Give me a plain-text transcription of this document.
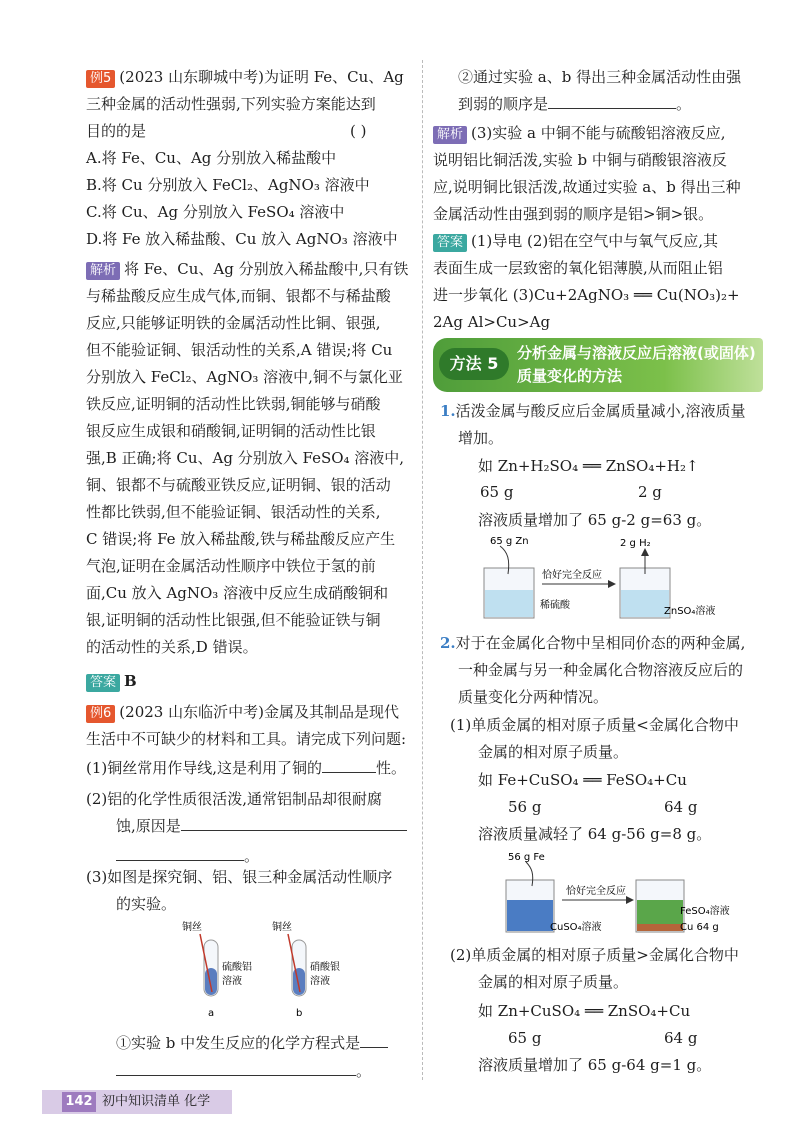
例5 (2023 山东聊城中考)为证明 Fe、Cu、Ag
三种金属的活动性强弱,下列实验方案能达到
目的的是	( )
A.将 Fe、Cu、Ag 分别放入稀盐酸中
B.将 Cu 分别放入 FeCl₂、AgNO₃ 溶液中
C.将 Cu、Ag 分别放入 FeSO₄ 溶液中
D.将 Fe 放入稀盐酸、Cu 放入 AgNO₃ 溶液中
解析 将 Fe、Cu、Ag 分别放入稀盐酸中,只有铁
与稀盐酸反应生成气体,而铜、银都不与稀盐酸
反应,只能够证明铁的金属活动性比铜、银强,
但不能验证铜、银活动性的关系,A 错误;将 Cu
分别放入 FeCl₂、AgNO₃ 溶液中,铜不与氯化亚
铁反应,证明铜的活动性比铁弱,铜能够与硝酸
银反应生成银和硝酸铜,证明铜的活动性比银
强,B 正确;将 Cu、Ag 分别放入 FeSO₄ 溶液中,
铜、银都不与硫酸亚铁反应,证明铜、银的活动
性都比铁弱,但不能验证铜、银活动性的关系,
C 错误;将 Fe 放入稀盐酸,铁与稀盐酸反应产生
气泡,证明在金属活动性顺序中铁位于氢的前
面,Cu 放入 AgNO₃ 溶液中反应生成硝酸铜和
银,证明铜的活动性比银强,但不能验证铁与铜
的活动性的关系,D 错误。
答案 B
例6 (2023 山东临沂中考)金属及其制品是现代
生活中不可缺少的材料和工具。请完成下列问题:
(1)铜丝常用作导线,这是利用了铜的	性。
(2)铝的化学性质很活泼,通常铝制品却很耐腐
蚀,原因是
。
(3)如图是探究铜、铝、银三种金属活动性顺序
的实验。
铜丝
硫酸铝
溶液
铜丝
硝酸银
溶液
a	b
①实验 b 中发生反应的化学方程式是
。
②通过实验 a、b 得出三种金属活动性由强
到弱的顺序是	。
解析 (3)实验 a 中铜不能与硫酸铝溶液反应,
说明铝比铜活泼,实验 b 中铜与硝酸银溶液反
应,说明铜比银活泼,故通过实验 a、b 得出三种
金属活动性由强到弱的顺序是铝>铜>银。
答案 (1)导电 (2)铝在空气中与氧气反应,其
表面生成一层致密的氧化铝薄膜,从而阻止铝
进一步氧化 (3)Cu+2AgNO₃ ══ Cu(NO₃)₂+
2Ag Al>Cu>Ag
方法 5
分析金属与溶液反应后溶液(或固体)质量变化的方法
1.活泼金属与酸反应后金属质量减小,溶液质量
增加。
如 Zn+H₂SO₄ ══ ZnSO₄+H₂↑
65 g	2 g
溶液质量增加了 65 g-2 g=63 g。
65 g Zn	2 g H₂
恰好完全反应
稀硫酸
ZnSO₄溶液
2.对于在金属化合物中呈相同价态的两种金属,
一种金属与另一种金属化合物溶液反应后的
质量变化分两种情况。
(1)单质金属的相对原子质量<金属化合物中
金属的相对原子质量。
如 Fe+CuSO₄ ══ FeSO₄+Cu
56 g	64 g
溶液质量减轻了 64 g-56 g=8 g。
56 g Fe
恰好完全反应
CuSO₄溶液
FeSO₄溶液
Cu 64 g
(2)单质金属的相对原子质量>金属化合物中
金属的相对原子质量。
如 Zn+CuSO₄ ══ ZnSO₄+Cu
65 g	64 g
溶液质量增加了 65 g-64 g=1 g。
142 初中知识清单 化学
